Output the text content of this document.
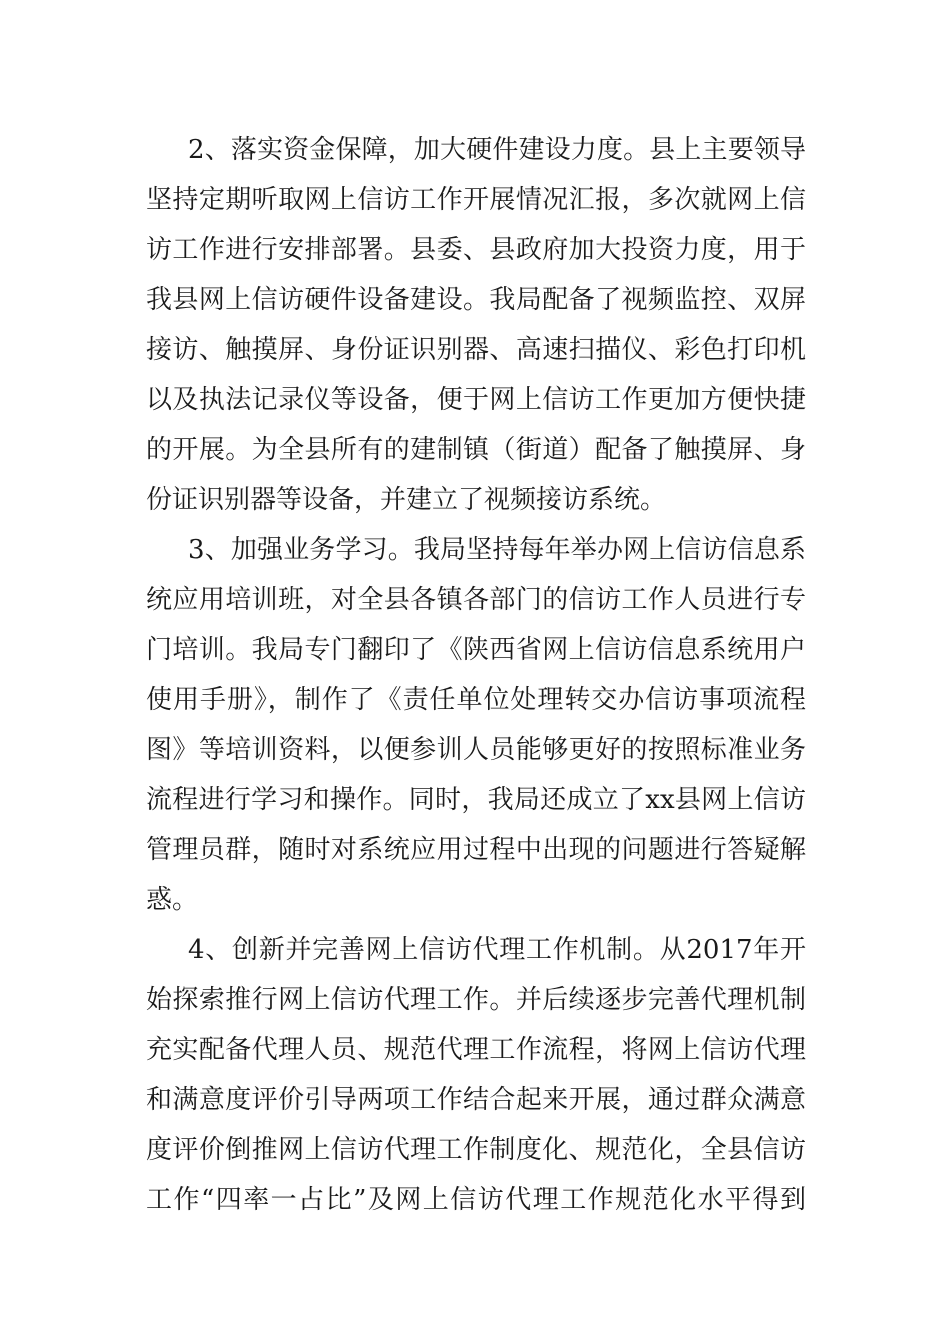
2、落实资金保障，加大硬件建设力度。县上主要领导
坚持定期听取网上信访工作开展情况汇报，多次就网上信
访工作进行安排部署。县委、县政府加大投资力度，用于
我县网上信访硬件设备建设。我局配备了视频监控、双屏
接访、触摸屏、身份证识别器、高速扫描仪、彩色打印机
以及执法记录仪等设备，便于网上信访工作更加方便快捷
的开展。为全县所有的建制镇（街道）配备了触摸屏、身
份证识别器等设备，并建立了视频接访系统。
3、加强业务学习。我局坚持每年举办网上信访信息系
统应用培训班，对全县各镇各部门的信访工作人员进行专
门培训。我局专门翻印了《陕西省网上信访信息系统用户
使用手册》，制作了《责任单位处理转交办信访事项流程
图》等培训资料，以便参训人员能够更好的按照标准业务
流程进行学习和操作。同时，我局还成立了xx县网上信访
管理员群，随时对系统应用过程中出现的问题进行答疑解
惑。
4、创新并完善网上信访代理工作机制。从2017年开
始探索推行网上信访代理工作。并后续逐步完善代理机制
充实配备代理人员、规范代理工作流程，将网上信访代理
和满意度评价引导两项工作结合起来开展，通过群众满意
度评价倒推网上信访代理工作制度化、规范化，全县信访
工作“四率一占比”及网上信访代理工作规范化水平得到
